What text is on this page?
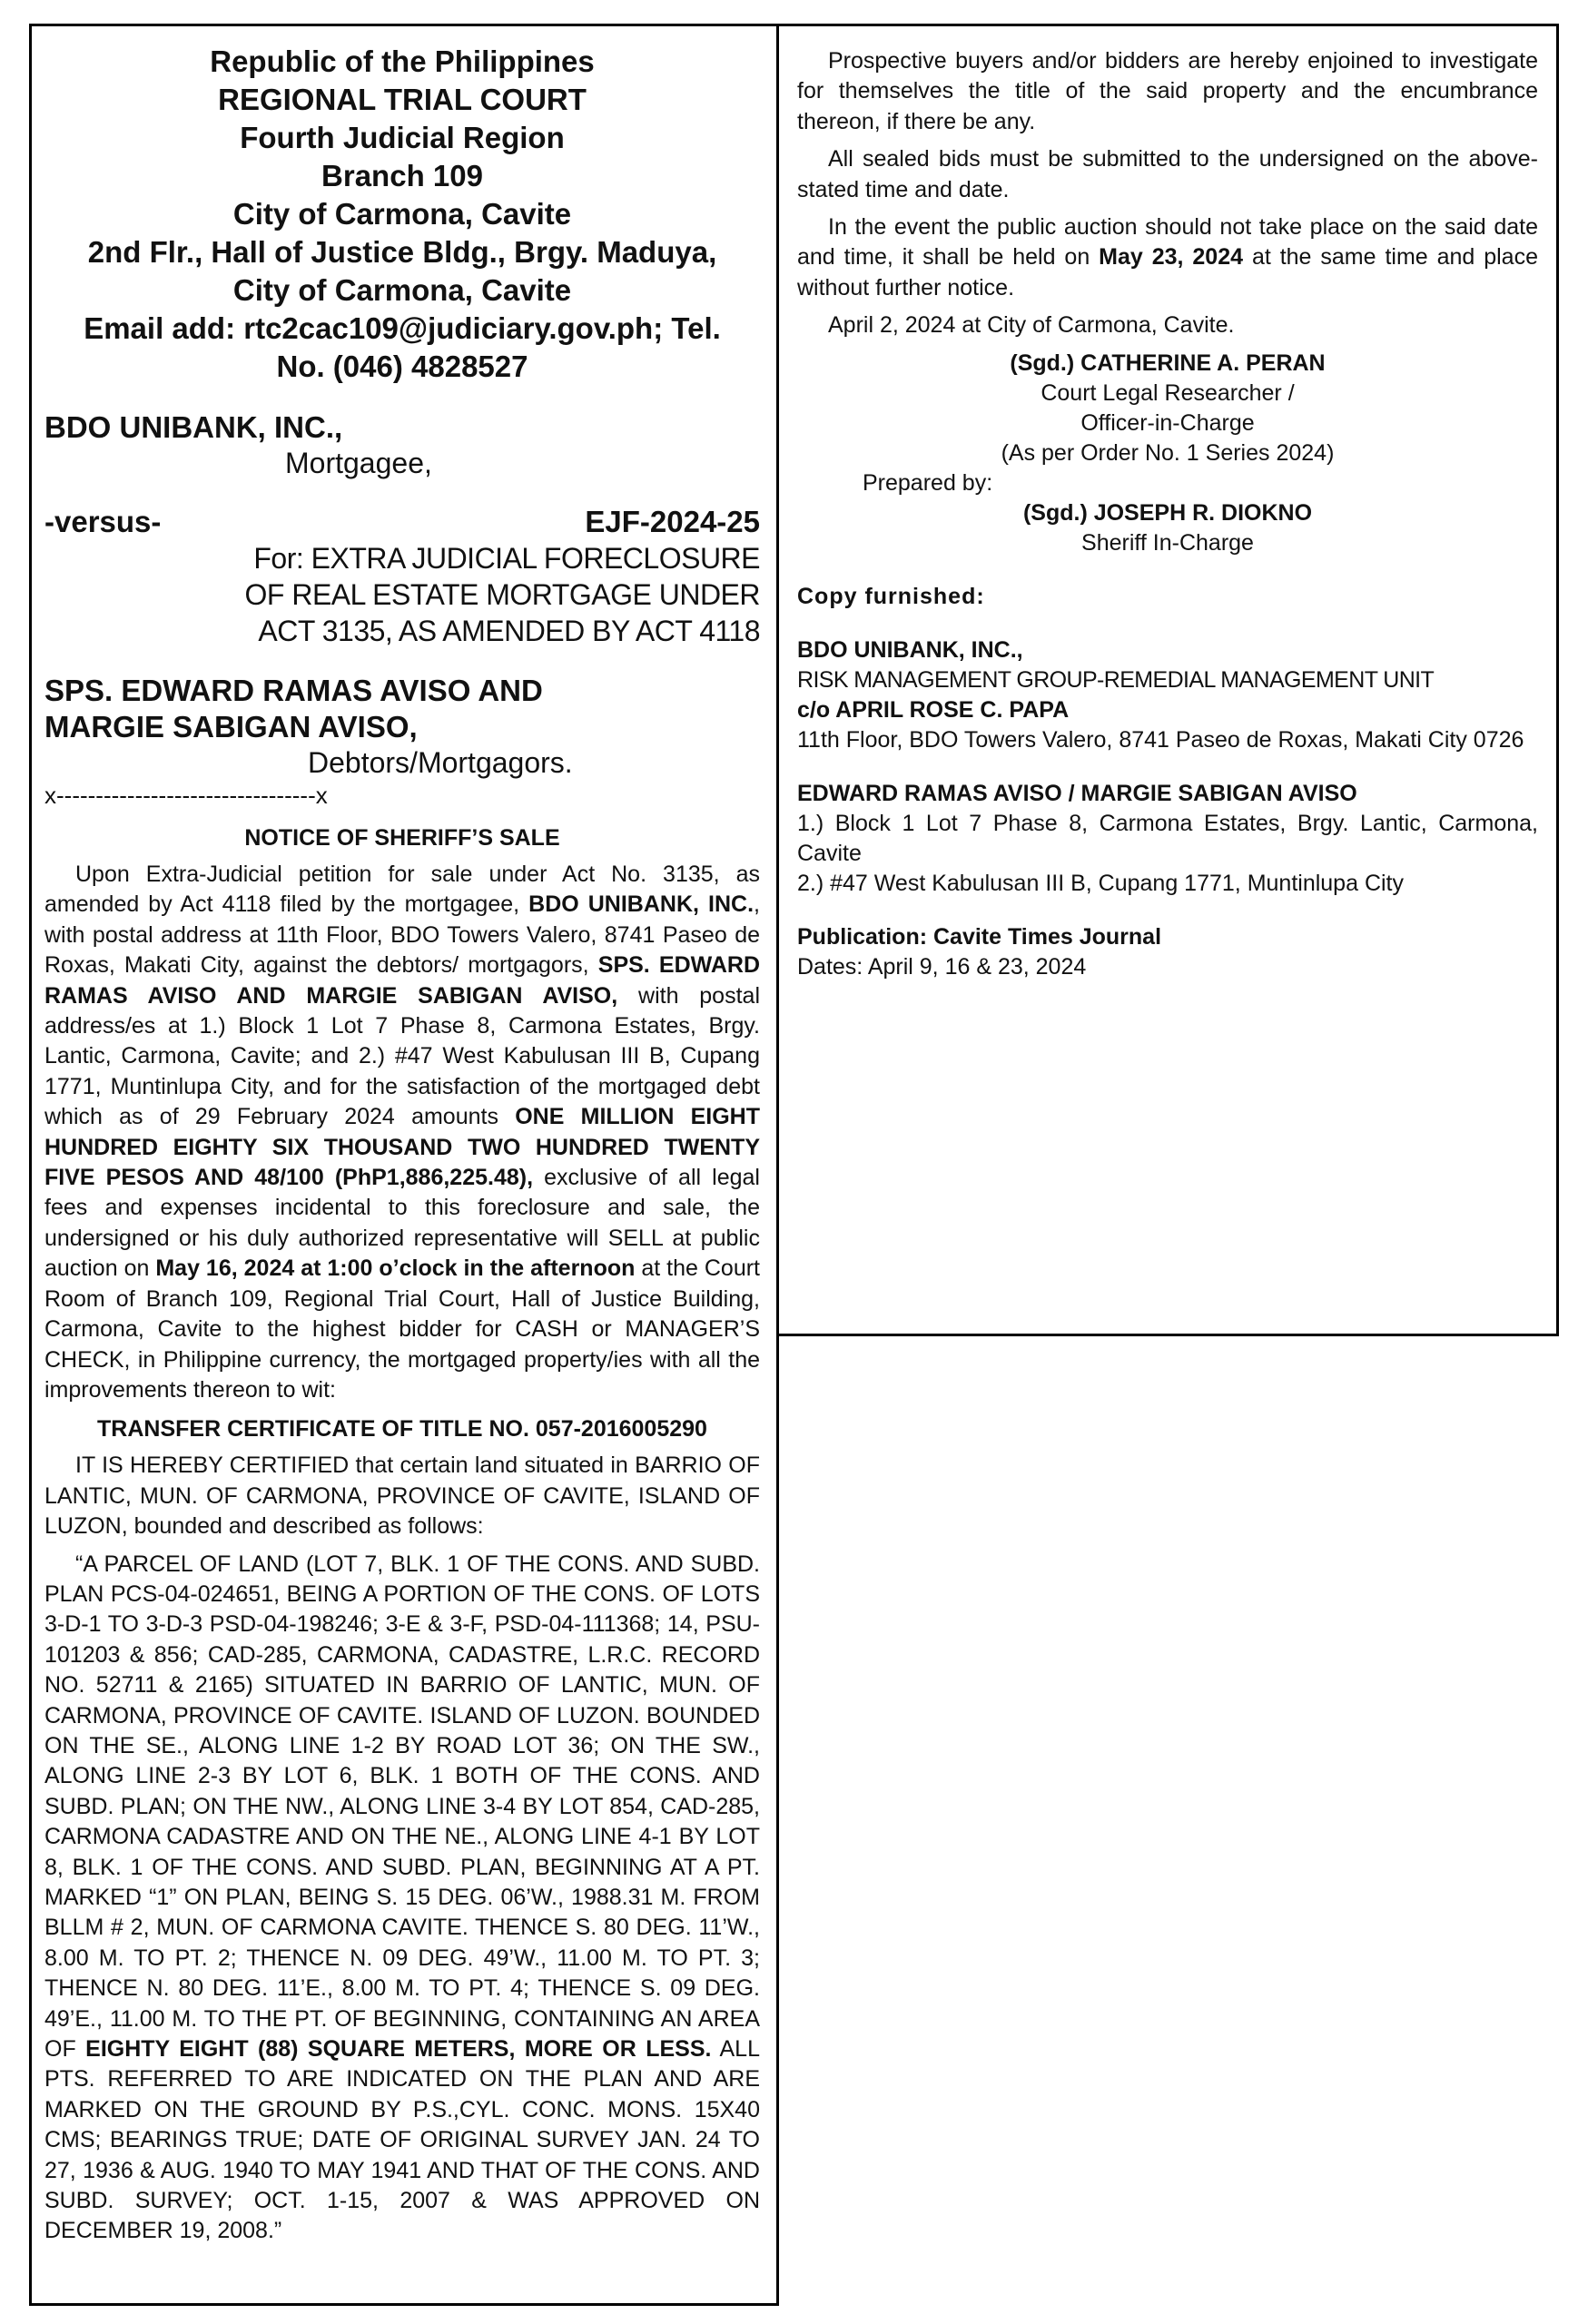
Republic of the Philippines

REGIONAL TRIAL COURT

Fourth Judicial Region

Branch 109

City of Carmona, Cavite

2nd Flr., Hall of Justice Bldg., Brgy. Maduya,

City of Carmona, Cavite

Email add: rtc2cac109@judiciary.gov.ph; Tel.

No. (046) 4828527

BDO UNIBANK, INC.,

Mortgagee,

-versus-	EJF-2024-25

For: EXTRA JUDICIAL FORECLOSURE

OF REAL ESTATE MORTGAGE UNDER

ACT 3135, AS AMENDED BY ACT 4118

SPS. EDWARD RAMAS AVISO AND

MARGIE SABIGAN AVISO,

Debtors/Mortgagors.

x---------------------------------x

NOTICE OF SHERIFF’S SALE

Upon Extra-Judicial petition for sale under Act No. 3135, as amended by Act 4118 filed by the mortgagee, BDO UNIBANK, INC., with postal address at 11th Floor, BDO Towers Valero, 8741 Paseo de Roxas, Makati City, against the debtors/ mortgagors, SPS. EDWARD RAMAS AVISO AND MARGIE SABIGAN AVISO, with postal address/es at 1.) Block 1 Lot 7 Phase 8, Carmona Estates, Brgy. Lantic, Carmona, Cavite; and 2.) #47 West Kabulusan III B, Cupang 1771, Muntinlupa City, and for the satisfaction of the mortgaged debt which as of 29 February 2024 amounts ONE MILLION EIGHT HUNDRED EIGHTY SIX THOUSAND TWO HUNDRED TWENTY FIVE PESOS AND 48/100 (PhP1,886,225.48), exclusive of all legal fees and expenses incidental to this foreclosure and sale, the undersigned or his duly authorized representative will SELL at public auction on May 16, 2024 at 1:00 o’clock in the afternoon at the Court Room of Branch 109, Regional Trial Court, Hall of Justice Building, Carmona, Cavite to the highest bidder for CASH or MANAGER’S CHECK, in Philippine currency, the mortgaged property/ies with all the improvements thereon to wit:

TRANSFER CERTIFICATE OF TITLE NO. 057-2016005290

IT IS HEREBY CERTIFIED that certain land situated in BARRIO OF LANTIC, MUN. OF CARMONA, PROVINCE OF CAVITE, ISLAND OF LUZON, bounded and described as follows:

“A PARCEL OF LAND (LOT 7, BLK. 1 OF THE CONS. AND SUBD. PLAN PCS-04-024651, BEING A PORTION OF THE CONS. OF LOTS 3-D-1 TO 3-D-3 PSD-04-198246; 3-E & 3-F, PSD-04-111368; 14, PSU-101203 & 856; CAD-285, CARMONA, CADASTRE, L.R.C. RECORD NO. 52711 & 2165) SITUATED IN BARRIO OF LANTIC, MUN. OF CARMONA, PROVINCE OF CAVITE. ISLAND OF LUZON. BOUNDED ON THE SE., ALONG LINE 1-2 BY ROAD LOT 36; ON THE SW., ALONG LINE 2-3 BY LOT 6, BLK. 1 BOTH OF THE CONS. AND SUBD. PLAN; ON THE NW., ALONG LINE 3-4 BY LOT 854, CAD-285, CARMONA CADASTRE AND ON THE NE., ALONG LINE 4-1 BY LOT 8, BLK. 1 OF THE CONS. AND SUBD. PLAN, BEGINNING AT A PT. MARKED “1” ON PLAN, BEING S. 15 DEG. 06’W., 1988.31 M. FROM BLLM # 2, MUN. OF CARMONA CAVITE. THENCE S. 80 DEG. 11’W., 8.00 M. TO PT. 2; THENCE N. 09 DEG. 49’W., 11.00 M. TO PT. 3; THENCE N. 80 DEG. 11’E., 8.00 M. TO PT. 4; THENCE S. 09 DEG. 49’E., 11.00 M. TO THE PT. OF BEGINNING, CONTAINING AN AREA OF EIGHTY EIGHT (88) SQUARE METERS, MORE OR LESS. ALL PTS. REFERRED TO ARE INDICATED ON THE PLAN AND ARE MARKED ON THE GROUND BY P.S.,CYL. CONC. MONS. 15X40 CMS; BEARINGS TRUE; DATE OF ORIGINAL SURVEY JAN. 24 TO 27, 1936 & AUG. 1940 TO MAY 1941 AND THAT OF THE CONS. AND SUBD. SURVEY; OCT. 1-15, 2007 & WAS APPROVED ON DECEMBER 19, 2008.”

Prospective buyers and/or bidders are hereby enjoined to investigate for themselves the title of the said property and the encumbrance thereon, if there be any.

All sealed bids must be submitted to the undersigned on the above-stated time and date.

In the event the public auction should not take place on the said date and time, it shall be held on May 23, 2024 at the same time and place without further notice.

April 2, 2024 at City of Carmona, Cavite.

(Sgd.) CATHERINE A. PERAN

Court Legal Researcher /

Officer-in-Charge

(As per Order No. 1 Series 2024)

Prepared by:

(Sgd.) JOSEPH R. DIOKNO

Sheriff In-Charge

Copy furnished:

BDO UNIBANK, INC.,

RISK MANAGEMENT GROUP-REMEDIAL MANAGEMENT UNIT

c/o APRIL ROSE C. PAPA

11th Floor, BDO Towers Valero, 8741 Paseo de Roxas, Makati City 0726

EDWARD RAMAS AVISO / MARGIE SABIGAN AVISO

1.) Block 1 Lot 7 Phase 8, Carmona Estates, Brgy. Lantic, Carmona, Cavite

2.) #47 West Kabulusan III B, Cupang 1771, Muntinlupa City

Publication: Cavite Times Journal

Dates: April 9, 16 & 23, 2024
